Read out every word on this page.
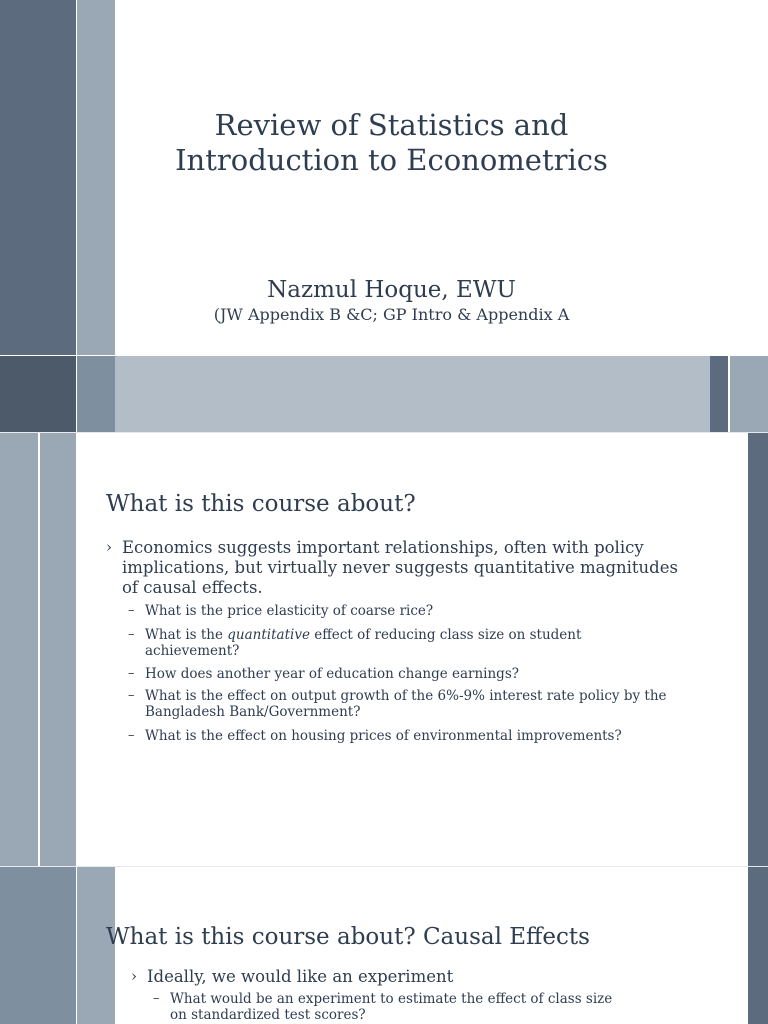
Review of Statistics and
Introduction to Econometrics
Nazmul Hoque, EWU
(JW Appendix B &C; GP Intro & Appendix A
What is this course about?
› Economics suggests important relationships, often with policy implications, but virtually never suggests quantitative magnitudes of causal effects.
– What is the price elasticity of coarse rice?
– What is the quantitative effect of reducing class size on student achievement?
– How does another year of education change earnings?
– What is the effect on output growth of the 6%-9% interest rate policy by the Bangladesh Bank/Government?
– What is the effect on housing prices of environmental improvements?
What is this course about? Causal Effects
› Ideally, we would like an experiment
– What would be an experiment to estimate the effect of class size on standardized test scores?
